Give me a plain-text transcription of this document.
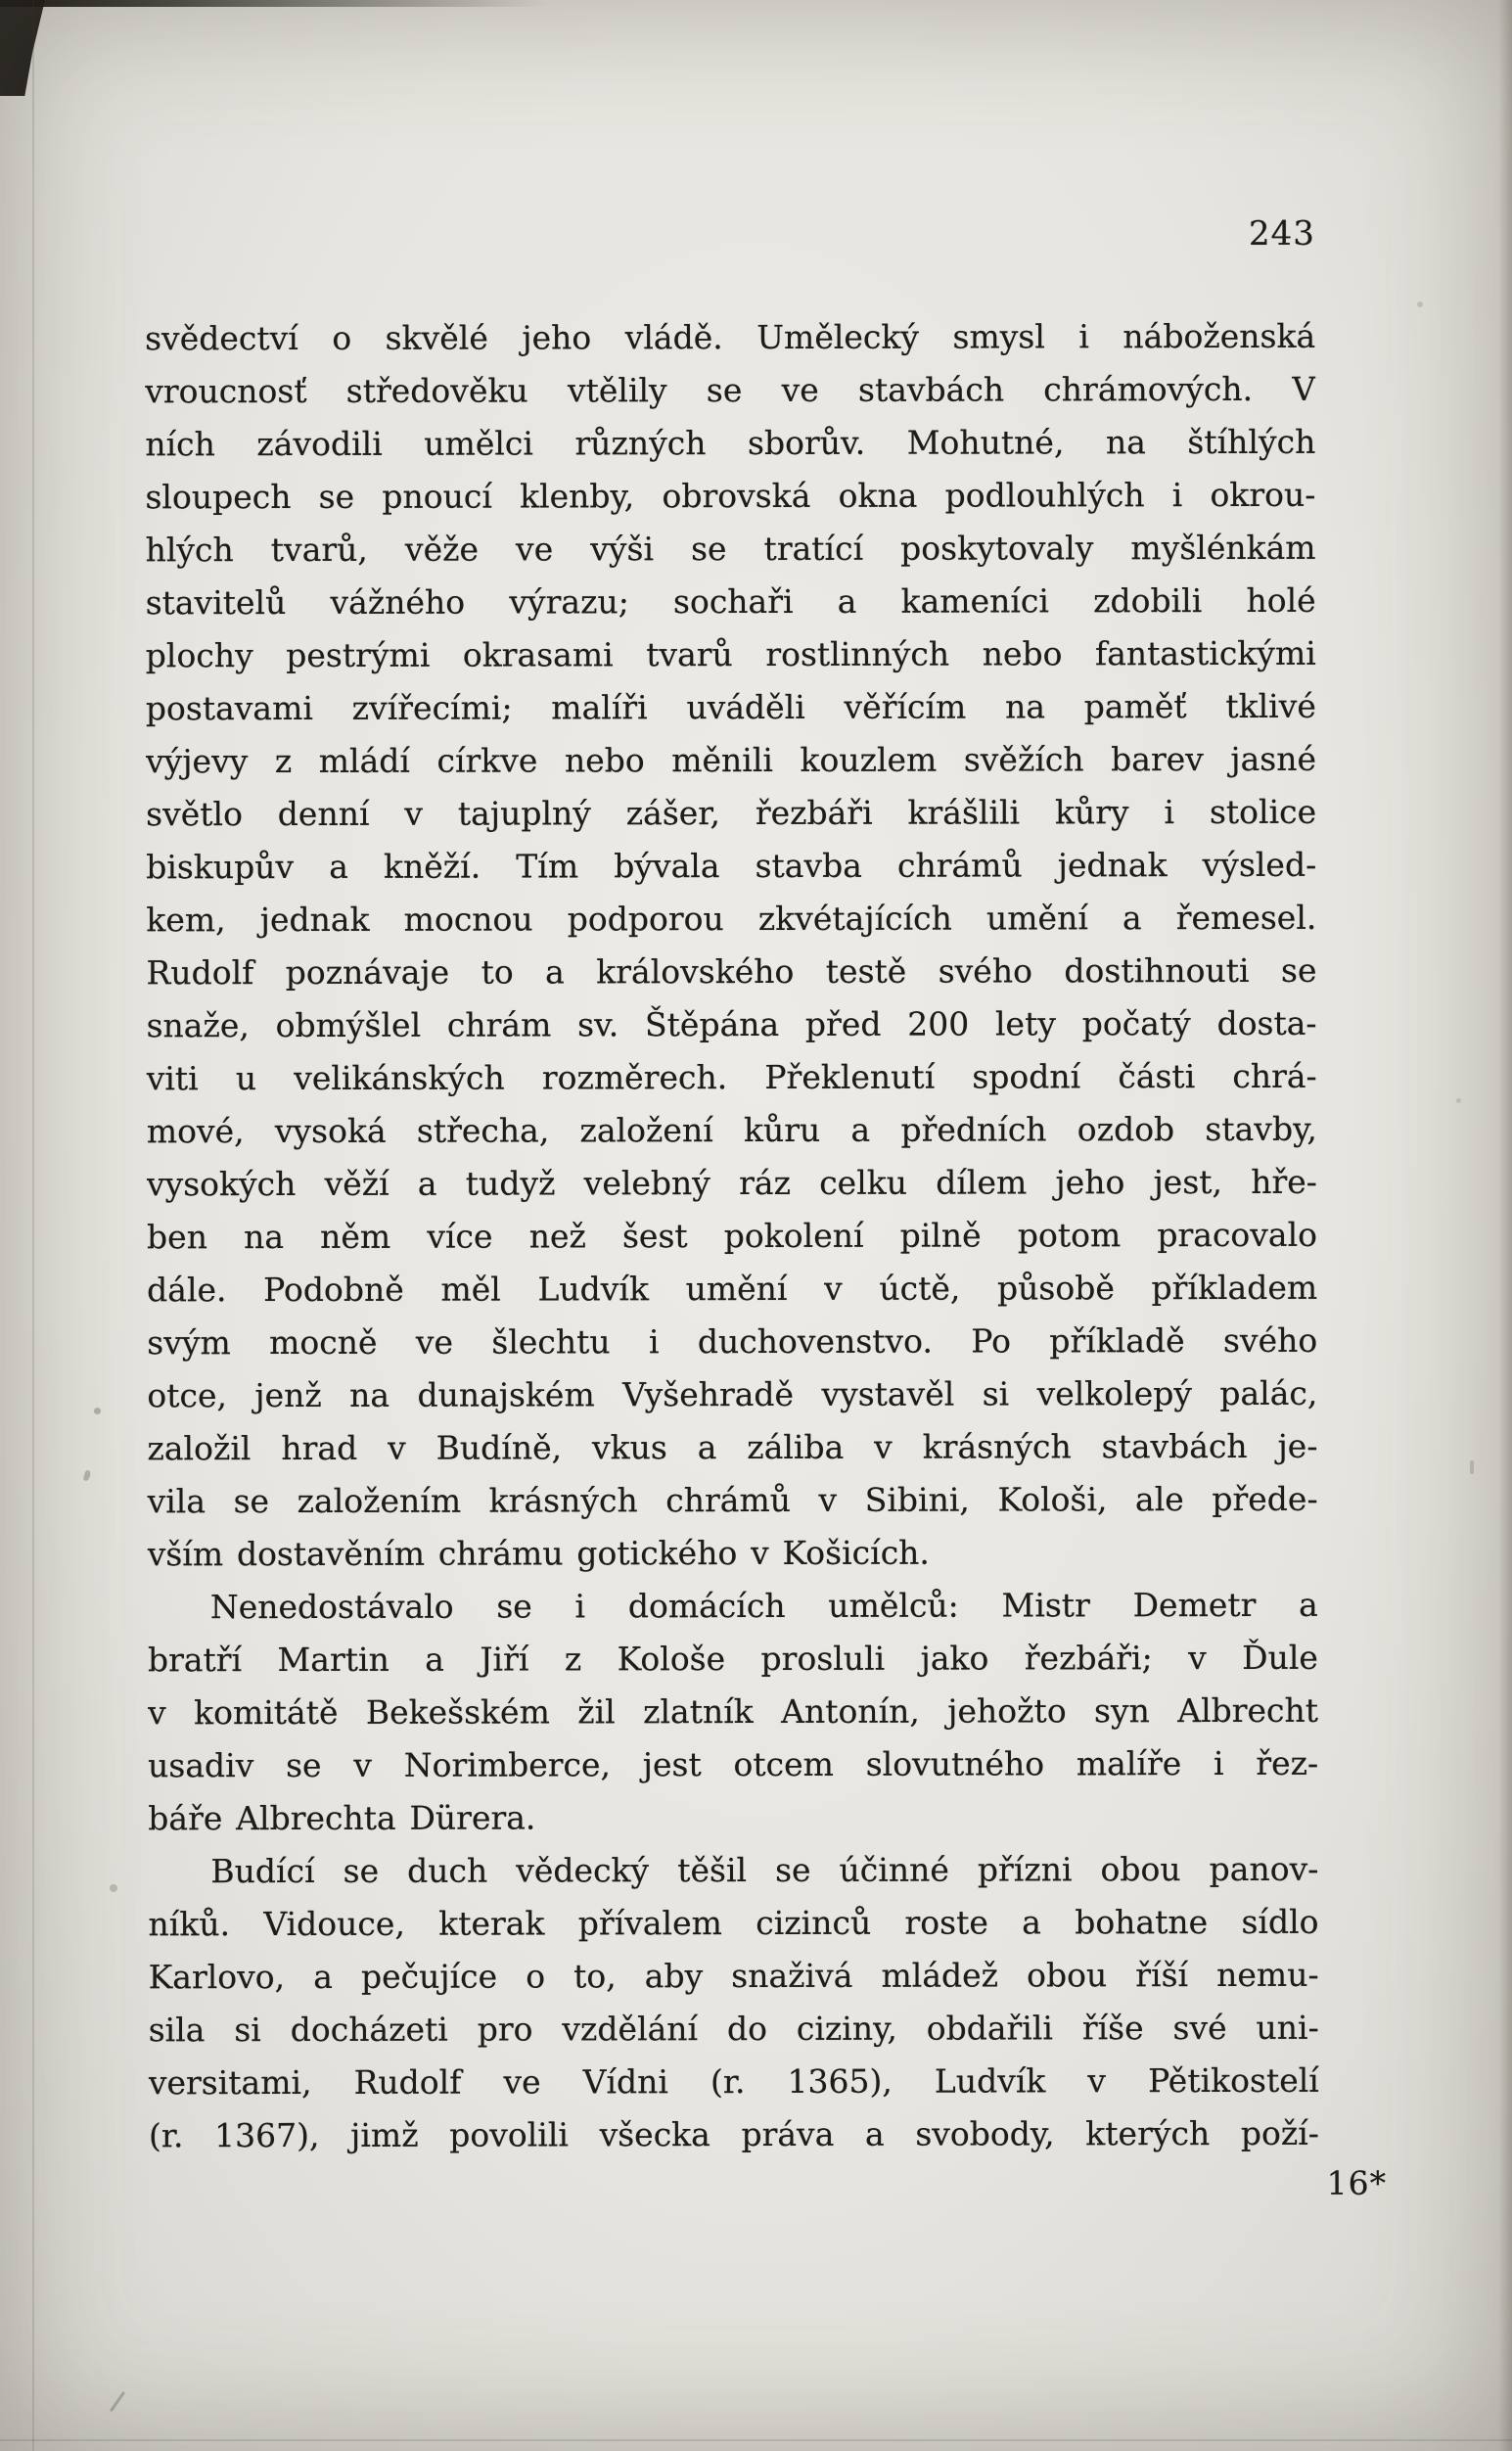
243
svědectví o skvělé jeho vládě. Umělecký smysl i náboženská
vroucnosť středověku vtělily se ve stavbách chrámových. V
ních závodili umělci různých sborův. Mohutné, na štíhlých
sloupech se pnoucí klenby, obrovská okna podlouhlých i okrou-
hlých tvarů, věže ve výši se tratící poskytovaly myšlénkám
stavitelů vážného výrazu; sochaři a kameníci zdobili holé
plochy pestrými okrasami tvarů rostlinných nebo fantastickými
postavami zvířecími; malíři uváděli věřícím na paměť tklivé
výjevy z mládí církve nebo měnili kouzlem svěžích barev jasné
světlo denní v tajuplný zášer, řezbáři krášlili kůry i stolice
biskupův a kněží. Tím bývala stavba chrámů jednak výsled-
kem, jednak mocnou podporou zkvétajících umění a řemesel.
Rudolf poznávaje to a královského testě svého dostihnouti se
snaže, obmýšlel chrám sv. Štěpána před 200 lety počatý dosta-
viti u velikánských rozměrech. Překlenutí spodní části chrá-
mové, vysoká střecha, založení kůru a předních ozdob stavby,
vysokých věží a tudyž velebný ráz celku dílem jeho jest, hře-
ben na něm více než šest pokolení pilně potom pracovalo
dále. Podobně měl Ludvík umění v úctě, působě příkladem
svým mocně ve šlechtu i duchovenstvo. Po příkladě svého
otce, jenž na dunajském Vyšehradě vystavěl si velkolepý palác,
založil hrad v Budíně, vkus a záliba v krásných stavbách je-
vila se založením krásných chrámů v Sibini, Kološi, ale přede-
vším dostavěním chrámu gotického v Košicích.
Nenedostávalo se i domácích umělců: Mistr Demetr a
bratří Martin a Jiří z Kološe prosluli jako řezbáři; v Ďule
v komitátě Bekešském žil zlatník Antonín, jehožto syn Albrecht
usadiv se v Norimberce, jest otcem slovutného malíře i řez-
báře Albrechta Dürera.
Budící se duch vědecký těšil se účinné přízni obou panov-
níků. Vidouce, kterak přívalem cizinců roste a bohatne sídlo
Karlovo, a pečujíce o to, aby snaživá mládež obou říší nemu-
sila si docházeti pro vzdělání do ciziny, obdařili říše své uni-
versitami, Rudolf ve Vídni (r. 1365), Ludvík v Pětikostelí
(r. 1367), jimž povolili všecka práva a svobody, kterých poží-
16*
